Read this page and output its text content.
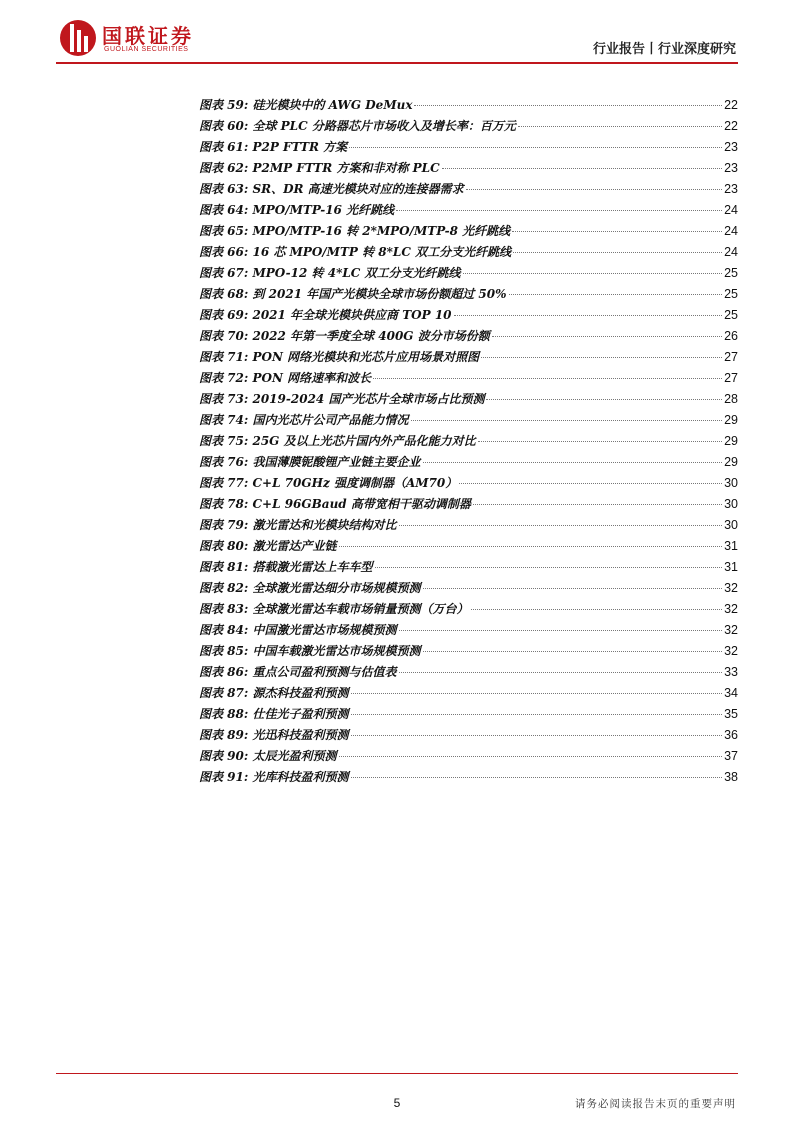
国联证券
GUOLIAN SECURITIES	行业报告丨行业深度研究
图表 59: 硅光模块中的 AWG DeMux	22
图表 60: 全球 PLC 分路器芯片市场收入及增长率：百万元	22
图表 61: P2P FTTR 方案	23
图表 62: P2MP FTTR 方案和非对称 PLC	23
图表 63: SR、DR 高速光模块对应的连接器需求	23
图表 64: MPO/MTP-16 光纤跳线	24
图表 65: MPO/MTP-16 转 2*MPO/MTP-8 光纤跳线	24
图表 66: 16 芯 MPO/MTP 转 8*LC 双工分支光纤跳线	24
图表 67: MPO-12 转 4*LC 双工分支光纤跳线	25
图表 68: 到 2021 年国产光模块全球市场份额超过 50%	25
图表 69: 2021 年全球光模块供应商 TOP 10	25
图表 70: 2022 年第一季度全球 400G 波分市场份额	26
图表 71: PON 网络光模块和光芯片应用场景对照图	27
图表 72: PON 网络速率和波长	27
图表 73: 2019-2024 国产光芯片全球市场占比预测	28
图表 74: 国内光芯片公司产品能力情况	29
图表 75: 25G 及以上光芯片国内外产品化能力对比	29
图表 76: 我国薄膜铌酸锂产业链主要企业	29
图表 77: C+L 70GHz 强度调制器（AM70）	30
图表 78: C+L 96GBaud 高带宽相干驱动调制器	30
图表 79: 激光雷达和光模块结构对比	30
图表 80: 激光雷达产业链	31
图表 81: 搭载激光雷达上车车型	31
图表 82: 全球激光雷达细分市场规模预测	32
图表 83: 全球激光雷达车载市场销量预测（万台）	32
图表 84: 中国激光雷达市场规模预测	32
图表 85: 中国车载激光雷达市场规模预测	32
图表 86: 重点公司盈利预测与估值表	33
图表 87: 源杰科技盈利预测	34
图表 88: 仕佳光子盈利预测	35
图表 89: 光迅科技盈利预测	36
图表 90: 太辰光盈利预测	37
图表 91: 光库科技盈利预测	38
5	请务必阅读报告末页的重要声明
